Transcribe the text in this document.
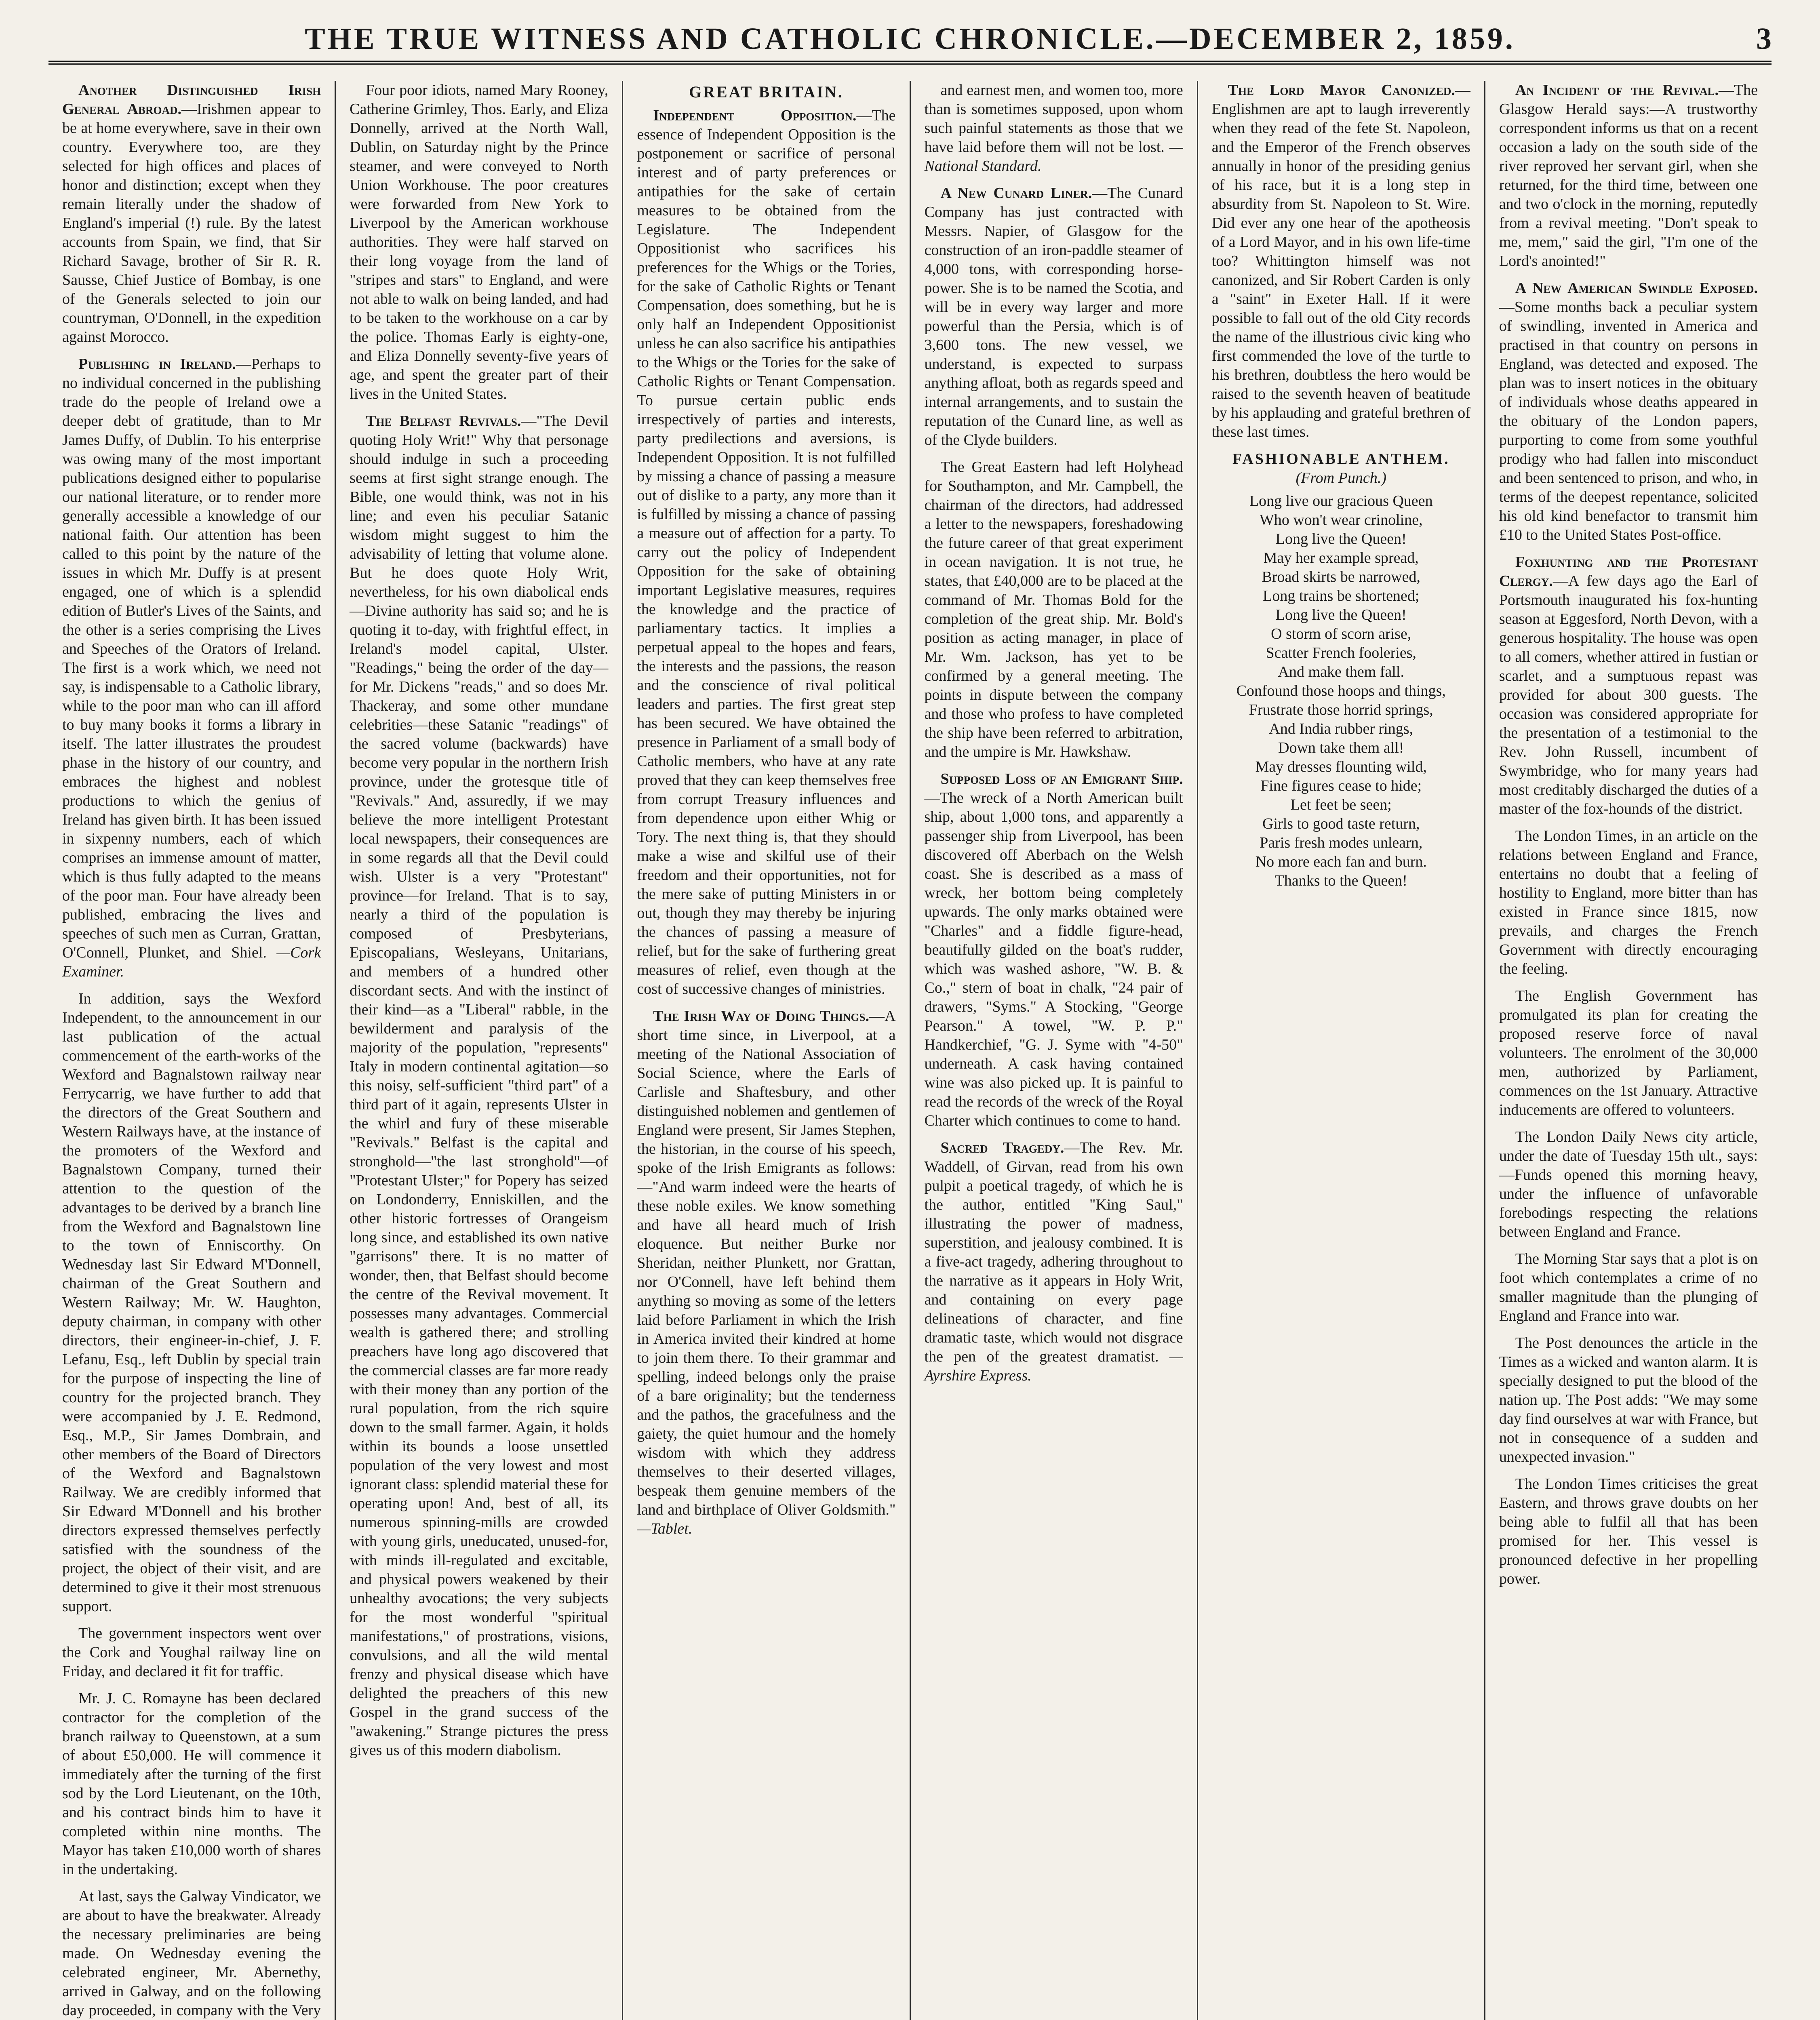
THE TRUE WITNESS AND CATHOLIC CHRONICLE.—DECEMBER 2, 1859.	3

Another Distinguished Irish General Abroad.—Irishmen appear to be at home everywhere, save in their own country. Everywhere too, are they selected for high offices and places of honor and distinction; except when they remain literally under the shadow of England's imperial (!) rule. By the latest accounts from Spain, we find, that Sir Richard Savage, brother of Sir R. R. Sausse, Chief Justice of Bombay, is one of the Generals selected to join our countryman, O'Donnell, in the expedition against Morocco.

Publishing in Ireland.—Perhaps to no individual concerned in the publishing trade do the people of Ireland owe a deeper debt of gratitude, than to Mr James Duffy, of Dublin. To his enterprise was owing many of the most important publications designed either to popularise our national literature, or to render more generally accessible a knowledge of our national faith. Our attention has been called to this point by the nature of the issues in which Mr. Duffy is at present engaged, one of which is a splendid edition of Butler's Lives of the Saints, and the other is a series comprising the Lives and Speeches of the Orators of Ireland. The first is a work which, we need not say, is indispensable to a Catholic library, while to the poor man who can ill afford to buy many books it forms a library in itself. The latter illustrates the proudest phase in the history of our country, and embraces the highest and noblest productions to which the genius of Ireland has given birth. It has been issued in sixpenny numbers, each of which comprises an immense amount of matter, which is thus fully adapted to the means of the poor man. Four have already been published, embracing the lives and speeches of such men as Curran, Grattan, O'Connell, Plunket, and Shiel. —Cork Examiner.

In addition, says the Wexford Independent, to the announcement in our last publication of the actual commencement of the earth-works of the Wexford and Bagnalstown railway near Ferrycarrig, we have further to add that the directors of the Great Southern and Western Railways have, at the instance of the promoters of the Wexford and Bagnalstown Company, turned their attention to the question of the advantages to be derived by a branch line from the Wexford and Bagnalstown line to the town of Enniscorthy. On Wednesday last Sir Edward M'Donnell, chairman of the Great Southern and Western Railway; Mr. W. Haughton, deputy chairman, in company with other directors, their engineer-in-chief, J. F. Lefanu, Esq., left Dublin by special train for the purpose of inspecting the line of country for the projected branch. They were accompanied by J. E. Redmond, Esq., M.P., Sir James Dombrain, and other members of the Board of Directors of the Wexford and Bagnalstown Railway. We are credibly informed that Sir Edward M'Donnell and his brother directors expressed themselves perfectly satisfied with the soundness of the project, the object of their visit, and are determined to give it their most strenuous support.

The government inspectors went over the Cork and Youghal railway line on Friday, and declared it fit for traffic.

Mr. J. C. Romayne has been declared contractor for the completion of the branch railway to Queenstown, at a sum of about £50,000. He will commence it immediately after the turning of the first sod by the Lord Lieutenant, on the 10th, and his contract binds him to have it completed within nine months. The Mayor has taken £10,000 worth of shares in the undertaking.

At last, says the Galway Vindicator, we are about to have the breakwater. Already the necessary preliminaries are being made. On Wednesday evening the celebrated engineer, Mr. Abernethy, arrived in Galway, and on the following day proceeded, in company with the Very

Four poor idiots, named Mary Rooney, Catherine Grimley, Thos. Early, and Eliza Donnelly, arrived at the North Wall, Dublin, on Saturday night by the Prince steamer, and were conveyed to North Union Workhouse. The poor creatures were forwarded from New York to Liverpool by the American workhouse authorities. They were half starved on their long voyage from the land of "stripes and stars" to England, and were not able to walk on being landed, and had to be taken to the workhouse on a car by the police. Thomas Early is eighty-one, and Eliza Donnelly seventy-five years of age, and spent the greater part of their lives in the United States.

The Belfast Revivals.—"The Devil quoting Holy Writ!" Why that personage should indulge in such a proceeding seems at first sight strange enough. The Bible, one would think, was not in his line; and even his peculiar Satanic wisdom might suggest to him the advisability of letting that volume alone. But he does quote Holy Writ, nevertheless, for his own diabolical ends—Divine authority has said so; and he is quoting it to-day, with frightful effect, in Ireland's model capital, Ulster. "Readings," being the order of the day—for Mr. Dickens "reads," and so does Mr. Thackeray, and some other mundane celebrities—these Satanic "readings" of the sacred volume (backwards) have become very popular in the northern Irish province, under the grotesque title of "Revivals." And, assuredly, if we may believe the more intelligent Protestant local newspapers, their consequences are in some regards all that the Devil could wish. Ulster is a very "Protestant" province—for Ireland. That is to say, nearly a third of the population is composed of Presbyterians, Episcopalians, Wesleyans, Unitarians, and members of a hundred other discordant sects. And with the instinct of their kind—as a "Liberal" rabble, in the bewilderment and paralysis of the majority of the population, "represents" Italy in modern continental agitation—so this noisy, self-sufficient "third part" of a third part of it again, represents Ulster in the whirl and fury of these miserable "Revivals." Belfast is the capital and stronghold—"the last stronghold"—of "Protestant Ulster;" for Popery has seized on Londonderry, Enniskillen, and the other historic fortresses of Orangeism long since, and established its own native "garrisons" there. It is no matter of wonder, then, that Belfast should become the centre of the Revival movement. It possesses many advantages. Commercial wealth is gathered there; and strolling preachers have long ago discovered that the commercial classes are far more ready with their money than any portion of the rural population, from the rich squire down to the small farmer. Again, it holds within its bounds a loose unsettled population of the very lowest and most ignorant class: splendid material these for operating upon! And, best of all, its numerous spinning-mills are crowded with young girls, uneducated, unused-for, with minds ill-regulated and excitable, and physical powers weakened by their unhealthy avocations; the very subjects for the most wonderful "spiritual manifestations," of prostrations, visions, convulsions, and all the wild mental frenzy and physical disease which have delighted the preachers of this new Gospel in the grand success of the "awakening." Strange pictures the press gives us of this modern diabolism.

GREAT BRITAIN.

Independent Opposition.—The essence of Independent Opposition is the postponement or sacrifice of personal interest and of party preferences or antipathies for the sake of certain measures to be obtained from the Legislature. The Independent Oppositionist who sacrifices his preferences for the Whigs or the Tories, for the sake of Catholic Rights or Tenant Compensation, does something, but he is only half an Independent Oppositionist unless he can also sacrifice his antipathies to the Whigs or the Tories for the sake of Catholic Rights or Tenant Compensation. To pursue certain public ends irrespectively of parties and interests, party predilections and aversions, is Independent Opposition. It is not fulfilled by missing a chance of passing a measure out of dislike to a party, any more than it is fulfilled by missing a chance of passing a measure out of affection for a party. To carry out the policy of Independent Opposition for the sake of obtaining important Legislative measures, requires the knowledge and the practice of parliamentary tactics. It implies a perpetual appeal to the hopes and fears, the interests and the passions, the reason and the conscience of rival political leaders and parties. The first great step has been secured. We have obtained the presence in Parliament of a small body of Catholic members, who have at any rate proved that they can keep themselves free from corrupt Treasury influences and from dependence upon either Whig or Tory. The next thing is, that they should make a wise and skilful use of their freedom and their opportunities, not for the mere sake of putting Ministers in or out, though they may thereby be injuring the chances of passing a measure of relief, but for the sake of furthering great measures of relief, even though at the cost of successive changes of ministries.

The Irish Way of Doing Things.—A short time since, in Liverpool, at a meeting of the National Association of Social Science, where the Earls of Carlisle and Shaftesbury, and other distinguished noblemen and gentlemen of England were present, Sir James Stephen, the historian, in the course of his speech, spoke of the Irish Emigrants as follows:—"And warm indeed were the hearts of these noble exiles. We know something and have all heard much of Irish eloquence. But neither Burke nor Sheridan, neither Plunkett, nor Grattan, nor O'Connell, have left behind them anything so moving as some of the letters laid before Parliament in which the Irish in America invited their kindred at home to join them there. To their grammar and spelling, indeed belongs only the praise of a bare originality; but the tenderness and the pathos, the gracefulness and the gaiety, the quiet humour and the homely wisdom with which they address themselves to their deserted villages, bespeak them genuine members of the land and birthplace of Oliver Goldsmith." —Tablet.

and earnest men, and women too, more than is sometimes supposed, upon whom such painful statements as those that we have laid before them will not be lost. —National Standard.

A New Cunard Liner.—The Cunard Company has just contracted with Messrs. Napier, of Glasgow for the construction of an iron-paddle steamer of 4,000 tons, with corresponding horse-power. She is to be named the Scotia, and will be in every way larger and more powerful than the Persia, which is of 3,600 tons. The new vessel, we understand, is expected to surpass anything afloat, both as regards speed and internal arrangements, and to sustain the reputation of the Cunard line, as well as of the Clyde builders.

The Great Eastern had left Holyhead for Southampton, and Mr. Campbell, the chairman of the directors, had addressed a letter to the newspapers, foreshadowing the future career of that great experiment in ocean navigation. It is not true, he states, that £40,000 are to be placed at the command of Mr. Thomas Bold for the completion of the great ship. Mr. Bold's position as acting manager, in place of Mr. Wm. Jackson, has yet to be confirmed by a general meeting. The points in dispute between the company and those who profess to have completed the ship have been referred to arbitration, and the umpire is Mr. Hawkshaw.

Supposed Loss of an Emigrant Ship.—The wreck of a North American built ship, about 1,000 tons, and apparently a passenger ship from Liverpool, has been discovered off Aberbach on the Welsh coast. She is described as a mass of wreck, her bottom being completely upwards. The only marks obtained were "Charles" and a fiddle figure-head, beautifully gilded on the boat's rudder, which was washed ashore, "W. B. & Co.," stern of boat in chalk, "24 pair of drawers, "Syms." A Stocking, "George Pearson." A towel, "W. P. P." Handkerchief, "G. J. Syme with "4-50" underneath. A cask having contained wine was also picked up. It is painful to read the records of the wreck of the Royal Charter which continues to come to hand.

Sacred Tragedy.—The Rev. Mr. Waddell, of Girvan, read from his own pulpit a poetical tragedy, of which he is the author, entitled "King Saul," illustrating the power of madness, superstition, and jealousy combined. It is a five-act tragedy, adhering throughout to the narrative as it appears in Holy Writ, and containing on every page delineations of character, and fine dramatic taste, which would not disgrace the pen of the greatest dramatist. —Ayrshire Express.

The Lord Mayor Canonized.—Englishmen are apt to laugh irreverently when they read of the fete St. Napoleon, and the Emperor of the French observes annually in honor of the presiding genius of his race, but it is a long step in absurdity from St. Napoleon to St. Wire. Did ever any one hear of the apotheosis of a Lord Mayor, and in his own life-time too? Whittington himself was not canonized, and Sir Robert Carden is only a "saint" in Exeter Hall. If it were possible to fall out of the old City records the name of the illustrious civic king who first commended the love of the turtle to his brethren, doubtless the hero would be raised to the seventh heaven of beatitude by his applauding and grateful brethren of these last times.

FASHIONABLE ANTHEM.
(From Punch.)
Long live our gracious Queen
Who won't wear crinoline,
Long live the Queen!
May her example spread,
Broad skirts be narrowed,
Long trains be shortened;
Long live the Queen!
O storm of scorn arise,
Scatter French fooleries,
And make them fall.
Confound those hoops and things,
Frustrate those horrid springs,
And India rubber rings,
Down take them all!
May dresses flounting wild,
Fine figures cease to hide;
Let feet be seen;
Girls to good taste return,
Paris fresh modes unlearn,
No more each fan and burn.
Thanks to the Queen!

An Incident of the Revival.—The Glasgow Herald says:—A trustworthy correspondent informs us that on a recent occasion a lady on the south side of the river reproved her servant girl, when she returned, for the third time, between one and two o'clock in the morning, reputedly from a revival meeting. "Don't speak to me, mem," said the girl, "I'm one of the Lord's anointed!"

A New American Swindle Exposed.—Some months back a peculiar system of swindling, invented in America and practised in that country on persons in England, was detected and exposed. The plan was to insert notices in the obituary of individuals whose deaths appeared in the obituary of the London papers, purporting to come from some youthful prodigy who had fallen into misconduct and been sentenced to prison, and who, in terms of the deepest repentance, solicited his old kind benefactor to transmit him £10 to the United States Post-office.

Foxhunting and the Protestant Clergy.—A few days ago the Earl of Portsmouth inaugurated his fox-hunting season at Eggesford, North Devon, with a generous hospitality. The house was open to all comers, whether attired in fustian or scarlet, and a sumptuous repast was provided for about 300 guests. The occasion was considered appropriate for the presentation of a testimonial to the Rev. John Russell, incumbent of Swymbridge, who for many years had most creditably discharged the duties of a master of the fox-hounds of the district.

The London Times, in an article on the relations between England and France, entertains no doubt that a feeling of hostility to England, more bitter than has existed in France since 1815, now prevails, and charges the French Government with directly encouraging the feeling.

The English Government has promulgated its plan for creating the proposed reserve force of naval volunteers. The enrolment of the 30,000 men, authorized by Parliament, commences on the 1st January. Attractive inducements are offered to volunteers.

The London Daily News city article, under the date of Tuesday 15th ult., says:—Funds opened this morning heavy, under the influence of unfavorable forebodings respecting the relations between England and France.

The Morning Star says that a plot is on foot which contemplates a crime of no smaller magnitude than the plunging of England and France into war.

The Post denounces the article in the Times as a wicked and wanton alarm. It is specially designed to put the blood of the nation up. The Post adds: "We may some day find ourselves at war with France, but not in consequence of a sudden and unexpected invasion."

The London Times criticises the great Eastern, and throws grave doubts on her being able to fulfil all that has been promised for her. This vessel is pronounced defective in her propelling power.
